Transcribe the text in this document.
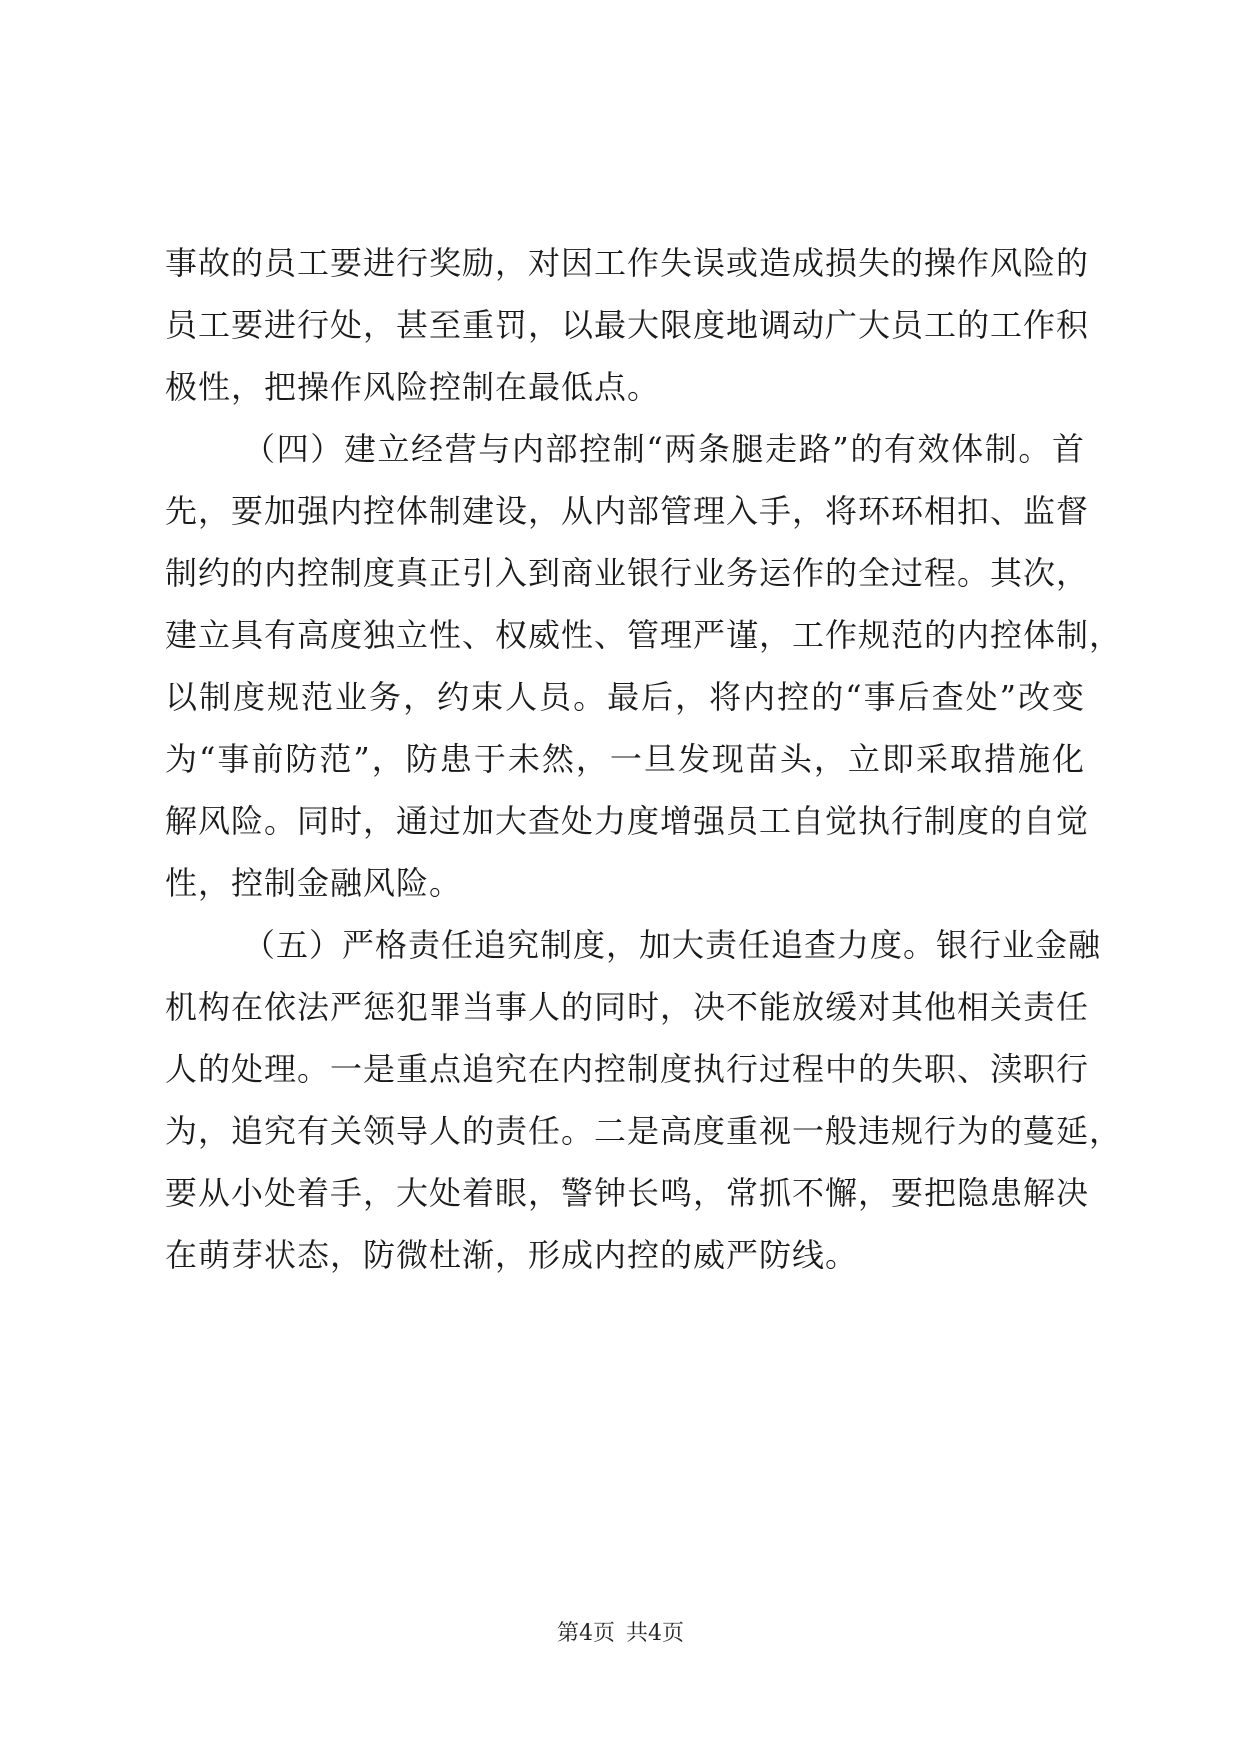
事故的员工要进行奖励，对因工作失误或造成损失的操作风险的
员工要进行处，甚至重罚，以最大限度地调动广大员工的工作积
极性，把操作风险控制在最低点。
（四）建立经营与内部控制“两条腿走路”的有效体制。首
先，要加强内控体制建设，从内部管理入手，将环环相扣、监督
制约的内控制度真正引入到商业银行业务运作的全过程。其次，
建立具有高度独立性、权威性、管理严谨，工作规范的内控体制，
以制度规范业务，约束人员。最后，将内控的“事后查处”改变
为“事前防范”，防患于未然，一旦发现苗头，立即采取措施化
解风险。同时，通过加大查处力度增强员工自觉执行制度的自觉
性，控制金融风险。
（五）严格责任追究制度，加大责任追查力度。银行业金融
机构在依法严惩犯罪当事人的同时，决不能放缓对其他相关责任
人的处理。一是重点追究在内控制度执行过程中的失职、渎职行
为，追究有关领导人的责任。二是高度重视一般违规行为的蔓延，
要从小处着手，大处着眼，警钟长鸣，常抓不懈，要把隐患解决
在萌芽状态，防微杜渐，形成内控的威严防线。
第4页 共4页
